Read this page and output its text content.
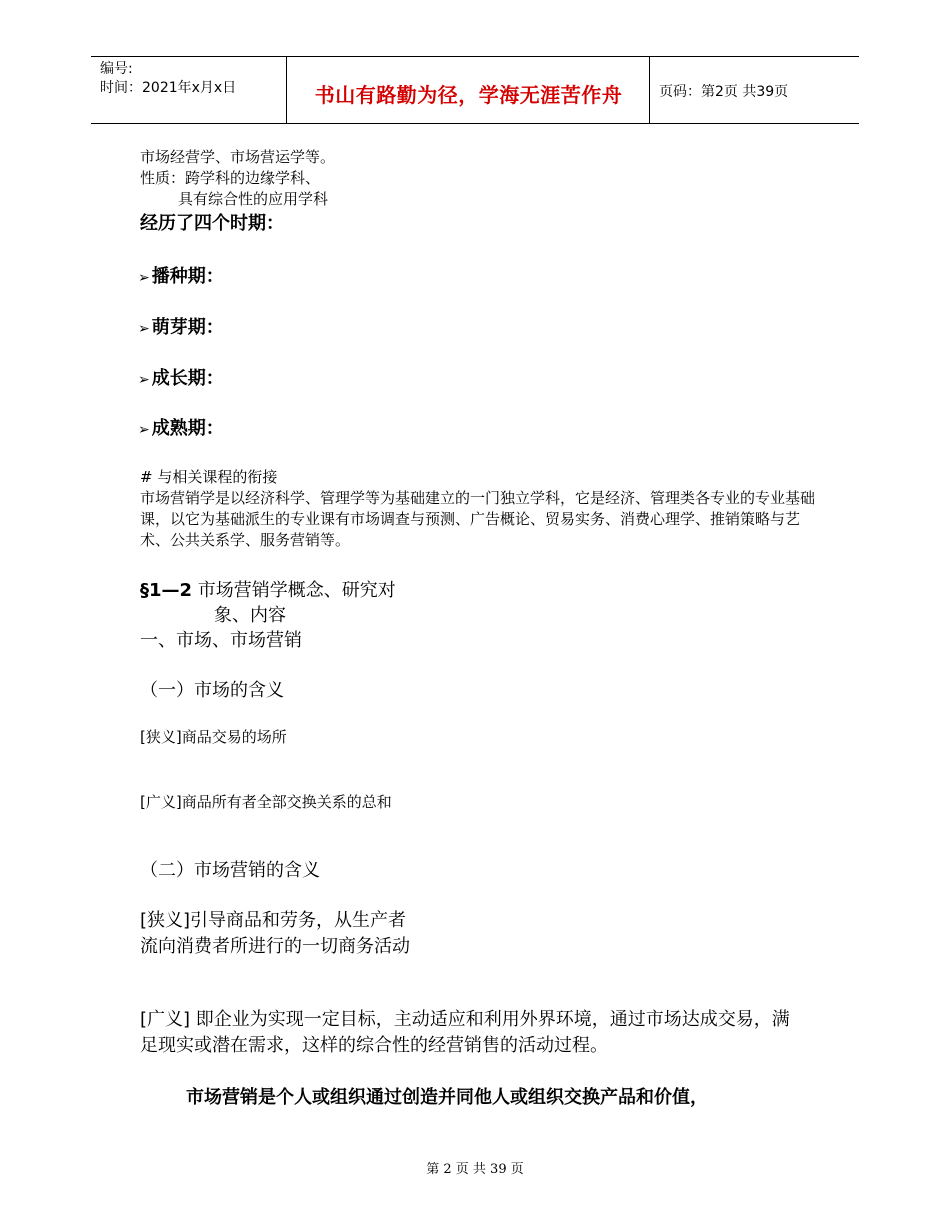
编号:
时间：2021年x月x日	书山有路勤为径，学海无涯苦作舟	页码：第2页 共39页
市场经营学、市场营运学等。
性质：跨学科的边缘学科、
具有综合性的应用学科
经历了四个时期：
➢ 播种期：
➢ 萌芽期：
➢ 成长期：
➢ 成熟期：
# 与相关课程的衔接
市场营销学是以经济科学、管理学等为基础建立的一门独立学科，它是经济、管理类各专业的专业基础课，以它为基础派生的专业课有市场调查与预测、广告概论、贸易实务、消费心理学、推销策略与艺术、公共关系学、服务营销等。
§1—2 市场营销学概念、研究对
象、内容
一、市场、市场营销
（一）市场的含义
[狭义]商品交易的场所
[广义]商品所有者全部交换关系的总和
（二）市场营销的含义
[狭义]引导商品和劳务，从生产者
流向消费者所进行的一切商务活动
[广义] 即企业为实现一定目标，主动适应和利用外界环境，通过市场达成交易，满足现实或潜在需求，这样的综合性的经营销售的活动过程。
市场营销是个人或组织通过创造并同他人或组织交换产品和价值，
第 2 页 共 39 页
